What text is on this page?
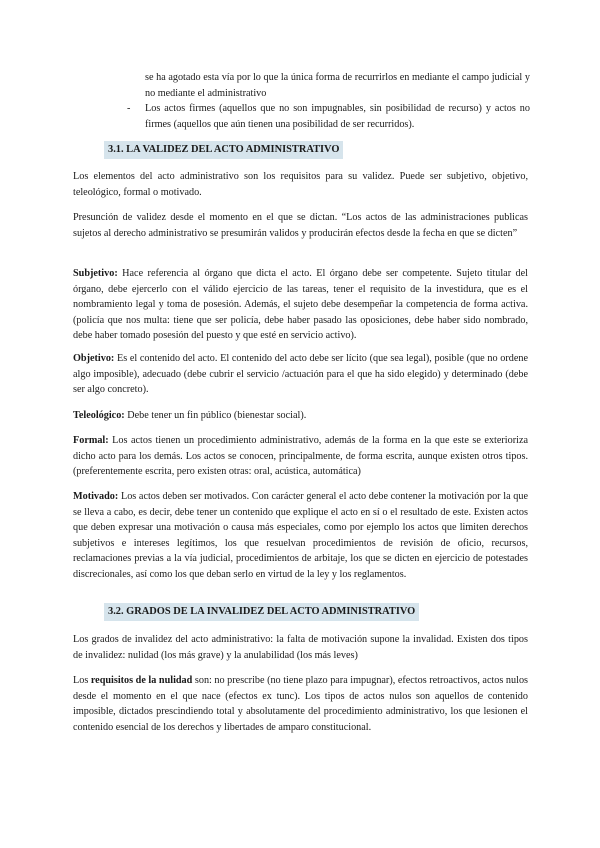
se ha agotado esta vía por lo que la única forma de recurrirlos en mediante el campo judicial y no mediante el administrativo

- Los actos firmes (aquellos que no son impugnables, sin posibilidad de recurso) y actos no firmes (aquellos que aún tienen una posibilidad de ser recurridos).

3.1. LA VALIDEZ DEL ACTO ADMINISTRATIVO

Los elementos del acto administrativo son los requisitos para su validez. Puede ser subjetivo, objetivo, teleológico, formal o motivado.

Presunción de validez desde el momento en el que se dictan. “Los actos de las administraciones publicas sujetos al derecho administrativo se presumirán validos y producirán efectos desde la fecha en que se dicten”

Subjetivo: Hace referencia al órgano que dicta el acto. El órgano debe ser competente. Sujeto titular del órgano, debe ejercerlo con el válido ejercicio de las tareas, tener el requisito de la investidura, que es el nombramiento legal y toma de posesión. Además, el sujeto debe desempeñar la competencia de forma activa. (policía que nos multa: tiene que ser policía, debe haber pasado las oposiciones, debe haber sido nombrado, debe haber tomado posesión del puesto y que esté en servicio activo).

Objetivo: Es el contenido del acto. El contenido del acto debe ser lícito (que sea legal), posible (que no ordene algo imposible), adecuado (debe cubrir el servicio /actuación para el que ha sido elegido) y determinado (debe ser algo concreto).

Teleológico: Debe tener un fin público (bienestar social).

Formal: Los actos tienen un procedimiento administrativo, además de la forma en la que este se exterioriza dicho acto para los demás. Los actos se conocen, principalmente, de forma escrita, aunque existen otros tipos. (preferentemente escrita, pero existen otras: oral, acústica, automática)

Motivado: Los actos deben ser motivados. Con carácter general el acto debe contener la motivación por la que se lleva a cabo, es decir, debe tener un contenido que explique el acto en sí o el resultado de este. Existen actos que deben expresar una motivación o causa más especiales, como por ejemplo los actos que limiten derechos subjetivos e intereses legítimos, los que resuelvan procedimientos de revisión de oficio, recursos, reclamaciones previas a la vía judicial, procedimientos de arbitaje, los que se dicten en ejercicio de potestades discrecionales, así como los que deban serlo en virtud de la ley y los reglamentos.

3.2. GRADOS DE LA INVALIDEZ DEL ACTO ADMINISTRATIVO

Los grados de invalidez del acto administrativo: la falta de motivación supone la invalidad. Existen dos tipos de invalidez: nulidad (los más grave) y la anulabilidad (los más leves)

Los requisitos de la nulidad son: no prescribe (no tiene plazo para impugnar), efectos retroactivos, actos nulos desde el momento en el que nace (efectos ex tunc). Los tipos de actos nulos son aquellos de contenido imposible, dictados prescindiendo total y absolutamente del procedimiento administrativo, los que lesionen el contenido esencial de los derechos y libertades de amparo constitucional.
